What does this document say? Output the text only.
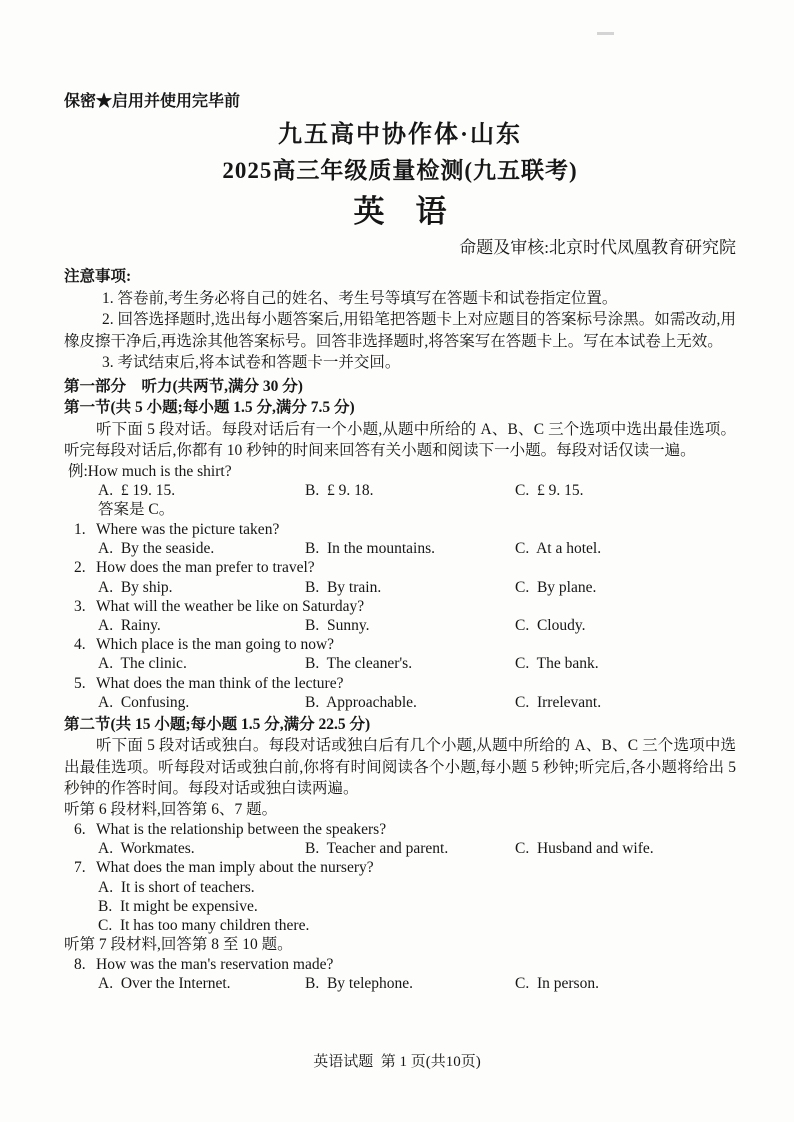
保密★启用并使用完毕前
九五高中协作体·山东
2025高三年级质量检测(九五联考)
英　语
命题及审核:北京时代凤凰教育研究院
注意事项:
1. 答卷前,考生务必将自己的姓名、考生号等填写在答题卡和试卷指定位置。
2. 回答选择题时,选出每小题答案后,用铅笔把答题卡上对应题目的答案标号涂黑。如需改动,用橡皮擦干净后,再选涂其他答案标号。回答非选择题时,将答案写在答题卡上。写在本试卷上无效。
3. 考试结束后,将本试卷和答题卡一并交回。
第一部分　听力(共两节,满分 30 分)
第一节(共 5 小题;每小题 1.5 分,满分 7.5 分)
听下面 5 段对话。每段对话后有一个小题,从题中所给的 A、B、C 三个选项中选出最佳选项。听完每段对话后,你都有 10 秒钟的时间来回答有关小题和阅读下一小题。每段对话仅读一遍。
例:How much is the shirt?
A.  £ 19. 15.	B.  £ 9. 18.	C.  £ 9. 15.
答案是 C。
1. Where was the picture taken?
A.  By the seaside.	B.  In the mountains.	C.  At a hotel.
2. How does the man prefer to travel?
A.  By ship.	B.  By train.	C.  By plane.
3. What will the weather be like on Saturday?
A.  Rainy.	B.  Sunny.	C.  Cloudy.
4. Which place is the man going to now?
A.  The clinic.	B.  The cleaner's.	C.  The bank.
5. What does the man think of the lecture?
A.  Confusing.	B.  Approachable.	C.  Irrelevant.
第二节(共 15 小题;每小题 1.5 分,满分 22.5 分)
听下面 5 段对话或独白。每段对话或独白后有几个小题,从题中所给的 A、B、C 三个选项中选出最佳选项。听每段对话或独白前,你将有时间阅读各个小题,每小题 5 秒钟;听完后,各小题将给出 5 秒钟的作答时间。每段对话或独白读两遍。
听第 6 段材料,回答第 6、7 题。
6. What is the relationship between the speakers?
A.  Workmates.	B.  Teacher and parent.	C.  Husband and wife.
7. What does the man imply about the nursery?
A.  It is short of teachers.
B.  It might be expensive.
C.  It has too many children there.
听第 7 段材料,回答第 8 至 10 题。
8. How was the man's reservation made?
A.  Over the Internet.	B.  By telephone.	C.  In person.
英语试题  第 1 页(共10页)
